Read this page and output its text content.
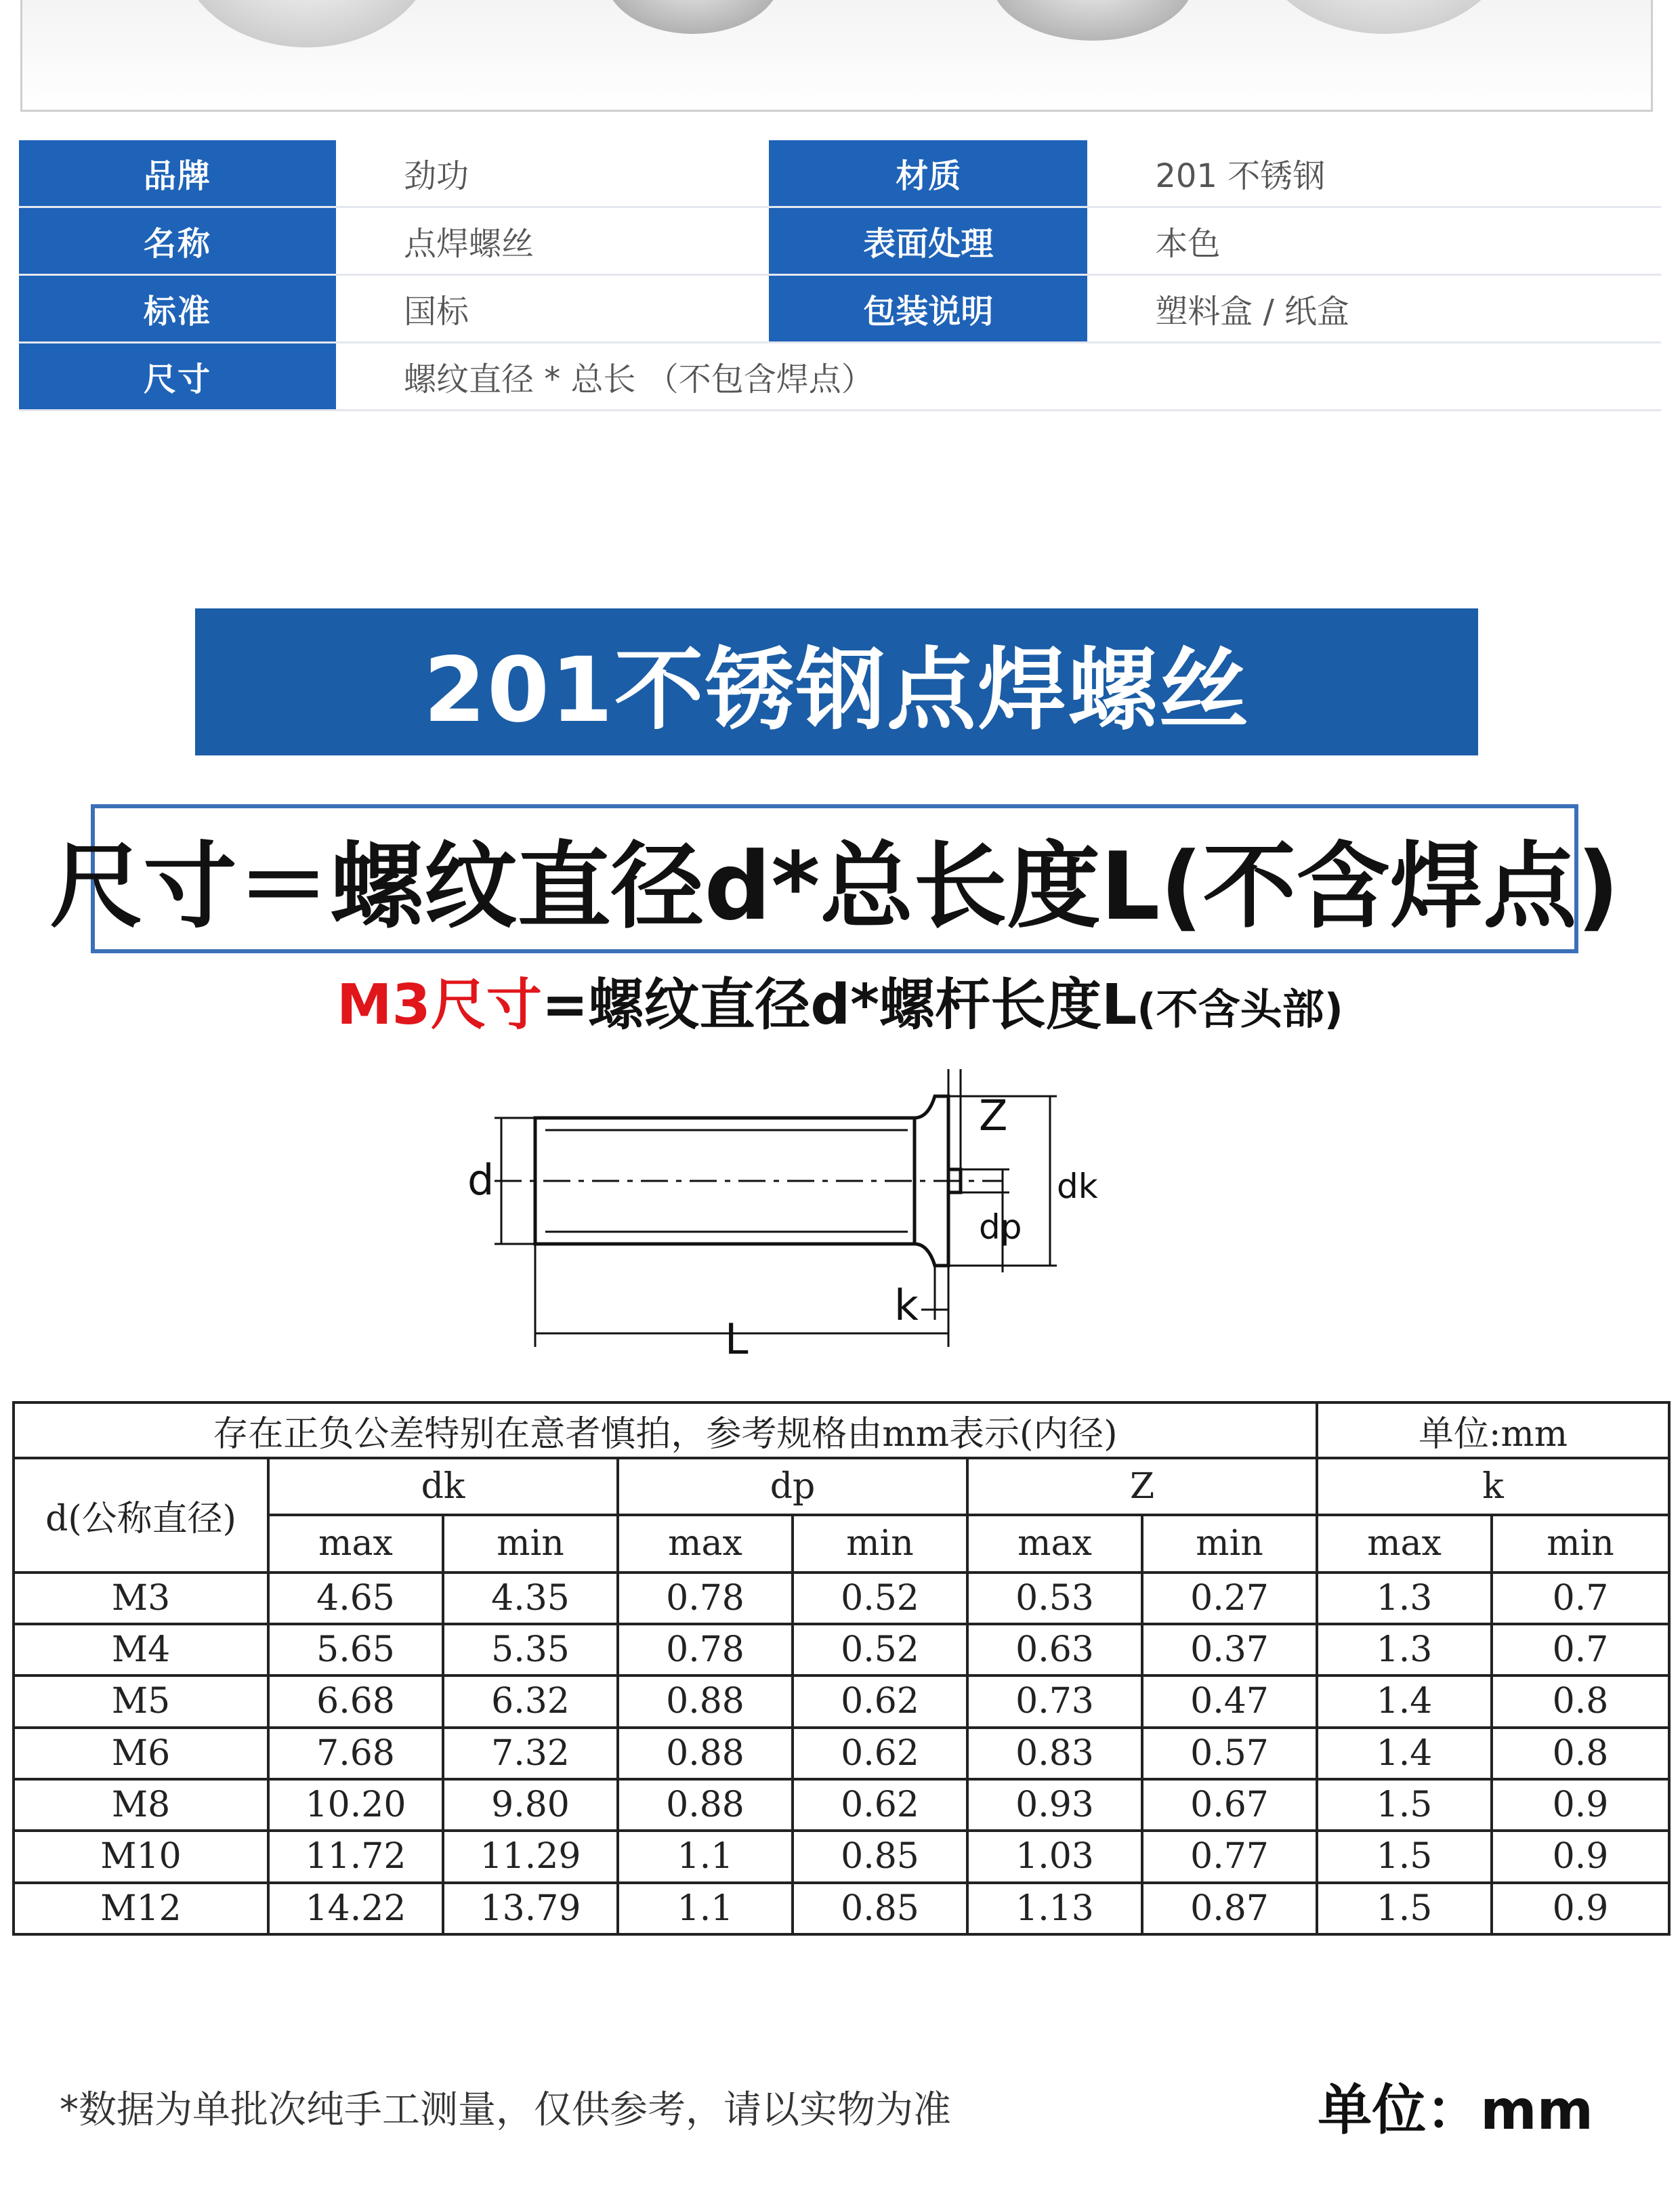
品牌	劲功	材质	201 不锈钢
名称	点焊螺丝	表面处理	本色
标准	国标	包装说明	塑料盒 / 纸盒
尺寸	螺纹直径 * 总长 （不包含焊点）		
201不锈钢点焊螺丝
尺寸＝螺纹直径d*总长度L(不含焊点)
M3尺寸=螺纹直径d*螺杆长度L(不含头部)
d
Z
dp
dk
k
L
存在正负公差特别在意者慎拍，参考规格由mm表示(内径)							单位:mm	
d(公称直径)	dk		dp		Z		k	
	max	min	max	min	max	min	max	min
M3	4.65	4.35	0.78	0.52	0.53	0.27	1.3	0.7
M4	5.65	5.35	0.78	0.52	0.63	0.37	1.3	0.7
M5	6.68	6.32	0.88	0.62	0.73	0.47	1.4	0.8
M6	7.68	7.32	0.88	0.62	0.83	0.57	1.4	0.8
M8	10.20	9.80	0.88	0.62	0.93	0.67	1.5	0.9
M10	11.72	11.29	1.1	0.85	1.03	0.77	1.5	0.9
M12	14.22	13.79	1.1	0.85	1.13	0.87	1.5	0.9
*数据为单批次纯手工测量，仅供参考，请以实物为准	单位：mm
